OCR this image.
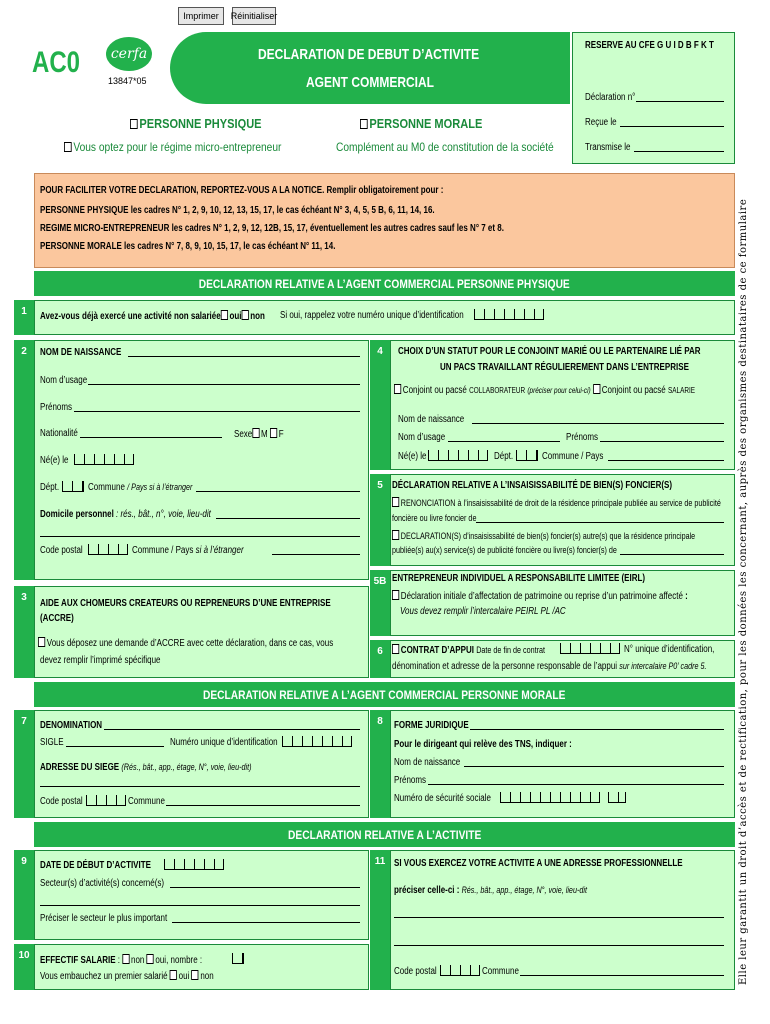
Imprimer	Réinitialiser
AC0	cerfa
13847*05
DECLARATION DE DEBUT D’ACTIVITE
AGENT COMMERCIAL
RESERVE AU CFE G U I D B F K T
Déclaration n°
Reçue le
Transmise le
PERSONNE PHYSIQUE	PERSONNE MORALE
Vous optez pour le régime micro-entrepreneur	Complément au M0 de constitution de la société
POUR FACILITER VOTRE DECLARATION, REPORTEZ-VOUS A LA NOTICE. Remplir obligatoirement pour :
PERSONNE PHYSIQUE les cadres N° 1, 2, 9, 10, 12, 13, 15, 17, le cas échéant N° 3, 4, 5, 5 B, 6, 11, 14, 16.
REGIME MICRO-ENTREPRENEUR les cadres N° 1, 2, 9, 12, 12B, 15, 17, éventuellement les autres cadres sauf les N° 7 et 8.
PERSONNE MORALE les cadres N° 7, 8, 9, 10, 15, 17, le cas échéant N° 11, 14.
DECLARATION RELATIVE A L’AGENT COMMERCIAL PERSONNE PHYSIQUE
1	Avez-vous déjà exercé une activité non salariée oui non Si oui, rappelez votre numéro unique d’identification
2	NOM DE NAISSANCE
Nom d’usage
Prénoms
Nationalité	Sexe M F
Né(e) le
Dépt.	Commune / Pays si à l’étranger
Domicile personnel : rés., bât., n°, voie, lieu-dit
Code postal	Commune / Pays si à l’étranger
3
AIDE AUX CHOMEURS CREATEURS OU REPRENEURS D’UNE ENTREPRISE
(ACCRE)
Vous déposez une demande d’ACCRE avec cette déclaration, dans ce cas, vous
devez remplir l’imprimé spécifique
4	CHOIX D’UN STATUT POUR LE CONJOINT MARIÉ OU LE PARTENAIRE LIÉ PAR
UN PACS TRAVAILLANT RÉGULIEREMENT DANS L’ENTREPRISE
Conjoint ou pacsé COLLABORATEUR (préciser pour celui-ci) Conjoint ou pacsé SALARIE
Nom de naissance
Nom d’usage	Prénoms
Né(e) le	Dépt.	Commune / Pays
5 DÉCLARATION RELATIVE A L’INSAISISSABILITÉ DE BIEN(S) FONCIER(S)
RENONCIATION à l’insaisissabilité de droit de la résidence principale publiée au service de publicité
foncière ou livre foncier de
DECLARATION(S) d’insaisissabilité de bien(s) foncier(s) autre(s) que la résidence principale
publiée(s) au(x) service(s) de publicité foncière ou livre(s) foncier(s) de
5B ENTREPRENEUR INDIVIDUEL A RESPONSABILITE LIMITEE (EIRL)
Déclaration initiale d’affectation de patrimoine ou reprise d’un patrimoine affecté :
Vous devez remplir l’intercalaire PEIRL PL /AC
6	CONTRAT D’APPUI Date de fin de contrat	N° unique d’identification,
dénomination et adresse de la personne responsable de l’appui sur intercalaire P0’ cadre 5.
DECLARATION RELATIVE A L’AGENT COMMERCIAL PERSONNE MORALE
7	DENOMINATION
SIGLE	Numéro unique d’identification
ADRESSE DU SIEGE (Rés., bât., app., étage, N°, voie, lieu-dit)
Code postal	Commune
8	FORME JURIDIQUE
Pour le dirigeant qui relève des TNS, indiquer :
Nom de naissance
Prénoms
Numéro de sécurité sociale
DECLARATION RELATIVE A L’ACTIVITE
9	DATE DE DÉBUT D’ACTIVITE
Secteur(s) d’activité(s) concerné(s)
Préciser le secteur le plus important
10	EFFECTIF SALARIE : non oui, nombre :
Vous embauchez un premier salarié oui non
11 SI VOUS EXERCEZ VOTRE ACTIVITE A UNE ADRESSE PROFESSIONNELLE
préciser celle-ci : Rés., bât., app., étage, N°, voie, lieu-dit
Code postal	Commune	Elle leur garantit un droit d’accès et de rectification, pour les données les concernant, auprès des organismes destinataires de ce formulaire
